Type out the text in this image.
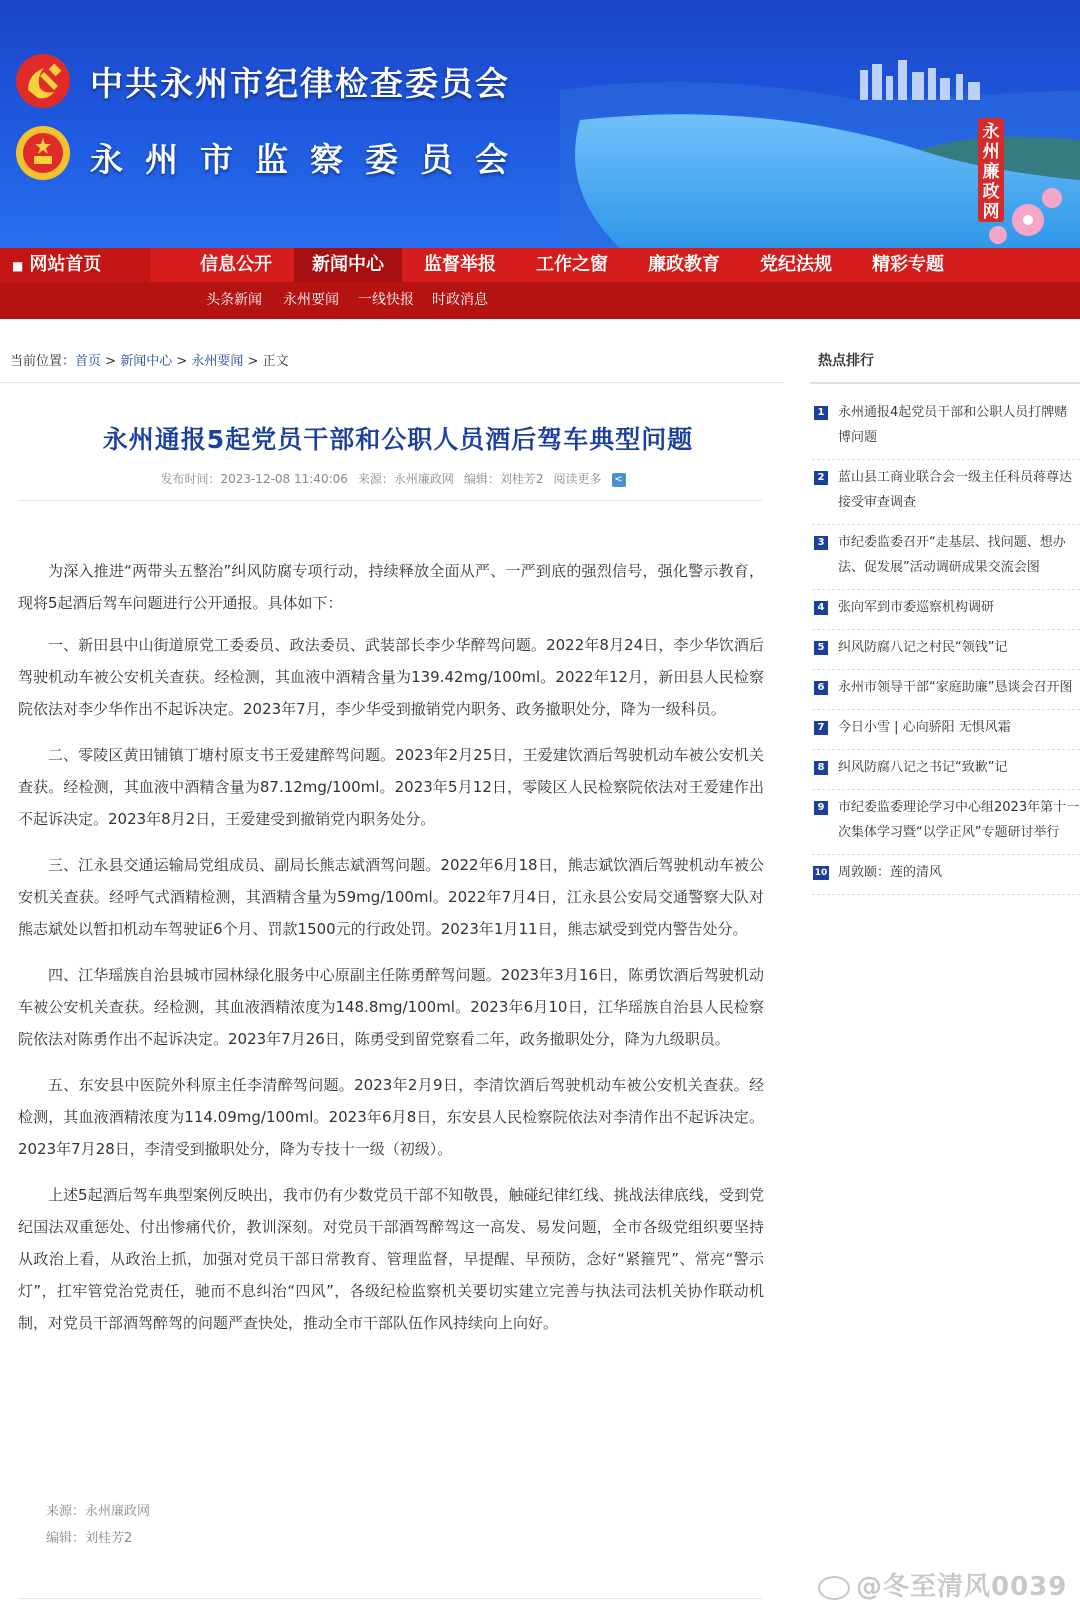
中共永州市纪律检查委员会
永州市监察委员会
永州廉政网
■ 网站首页	信息公开	新闻中心	监督举报	工作之窗	廉政教育	党纪法规	精彩专题
头条新闻 永州要闻 一线快报 时政消息
当前位置：首页 > 新闻中心 > 永州要闻 > 正文
永州通报5起党员干部和公职人员酒后驾车典型问题
发布时间：2023-12-08 11:40:06 来源：永州廉政网 编辑：刘桂芳2 阅读更多 <

为深入推进“两带头五整治”纠风防腐专项行动，持续释放全面从严、一严到底的强烈信号，强化警示教育，现将5起酒后驾车问题进行公开通报。具体如下：

一、新田县中山街道原党工委委员、政法委员、武装部长李少华醉驾问题。2022年8月24日，李少华饮酒后驾驶机动车被公安机关查获。经检测，其血液中酒精含量为139.42mg/100ml。2022年12月，新田县人民检察院依法对李少华作出不起诉决定。2023年7月，李少华受到撤销党内职务、政务撤职处分，降为一级科员。

二、零陵区黄田铺镇丁塘村原支书王爱建醉驾问题。2023年2月25日，王爱建饮酒后驾驶机动车被公安机关查获。经检测，其血液中酒精含量为87.12mg/100ml。2023年5月12日，零陵区人民检察院依法对王爱建作出不起诉决定。2023年8月2日，王爱建受到撤销党内职务处分。

三、江永县交通运输局党组成员、副局长熊志斌酒驾问题。2022年6月18日，熊志斌饮酒后驾驶机动车被公安机关查获。经呼气式酒精检测，其酒精含量为59mg/100ml。2022年7月4日，江永县公安局交通警察大队对熊志斌处以暂扣机动车驾驶证6个月、罚款1500元的行政处罚。2023年1月11日，熊志斌受到党内警告处分。

四、江华瑶族自治县城市园林绿化服务中心原副主任陈勇醉驾问题。2023年3月16日，陈勇饮酒后驾驶机动车被公安机关查获。经检测，其血液酒精浓度为148.8mg/100ml。2023年6月10日，江华瑶族自治县人民检察院依法对陈勇作出不起诉决定。2023年7月26日，陈勇受到留党察看二年，政务撤职处分，降为九级职员。

五、东安县中医院外科原主任李清醉驾问题。2023年2月9日，李清饮酒后驾驶机动车被公安机关查获。经检测，其血液酒精浓度为114.09mg/100ml。2023年6月8日，东安县人民检察院依法对李清作出不起诉决定。2023年7月28日，李清受到撤职处分，降为专技十一级（初级）。

上述5起酒后驾车典型案例反映出，我市仍有少数党员干部不知敬畏，触碰纪律红线、挑战法律底线，受到党纪国法双重惩处、付出惨痛代价，教训深刻。对党员干部酒驾醉驾这一高发、易发问题，全市各级党组织要坚持从政治上看，从政治上抓，加强对党员干部日常教育、管理监督，早提醒、早预防，念好“紧箍咒”、常亮“警示灯”，扛牢管党治党责任，驰而不息纠治“四风”，各级纪检监察机关要切实建立完善与执法司法机关协作联动机制，对党员干部酒驾醉驾的问题严查快处，推动全市干部队伍作风持续向上向好。

来源：永州廉政网
编辑：刘桂芳2
热点排行
1 永州通报4起党员干部和公职人员打牌赌博问题
2 蓝山县工商业联合会一级主任科员蒋尊达接受审查调查
3 市纪委监委召开“走基层、找问题、想办法、促发展”活动调研成果交流会图
4 张向军到市委巡察机构调研
5 纠风防腐八记之村民“领钱”记
6 永州市领导干部“家庭助廉”恳谈会召开图
7 今日小雪 | 心向骄阳 无惧风霜
8 纠风防腐八记之书记“致歉”记
9 市纪委监委理论学习中心组2023年第十一次集体学习暨“以学正风”专题研讨举行
10 周敦颐：莲的清风
@冬至清风0039
